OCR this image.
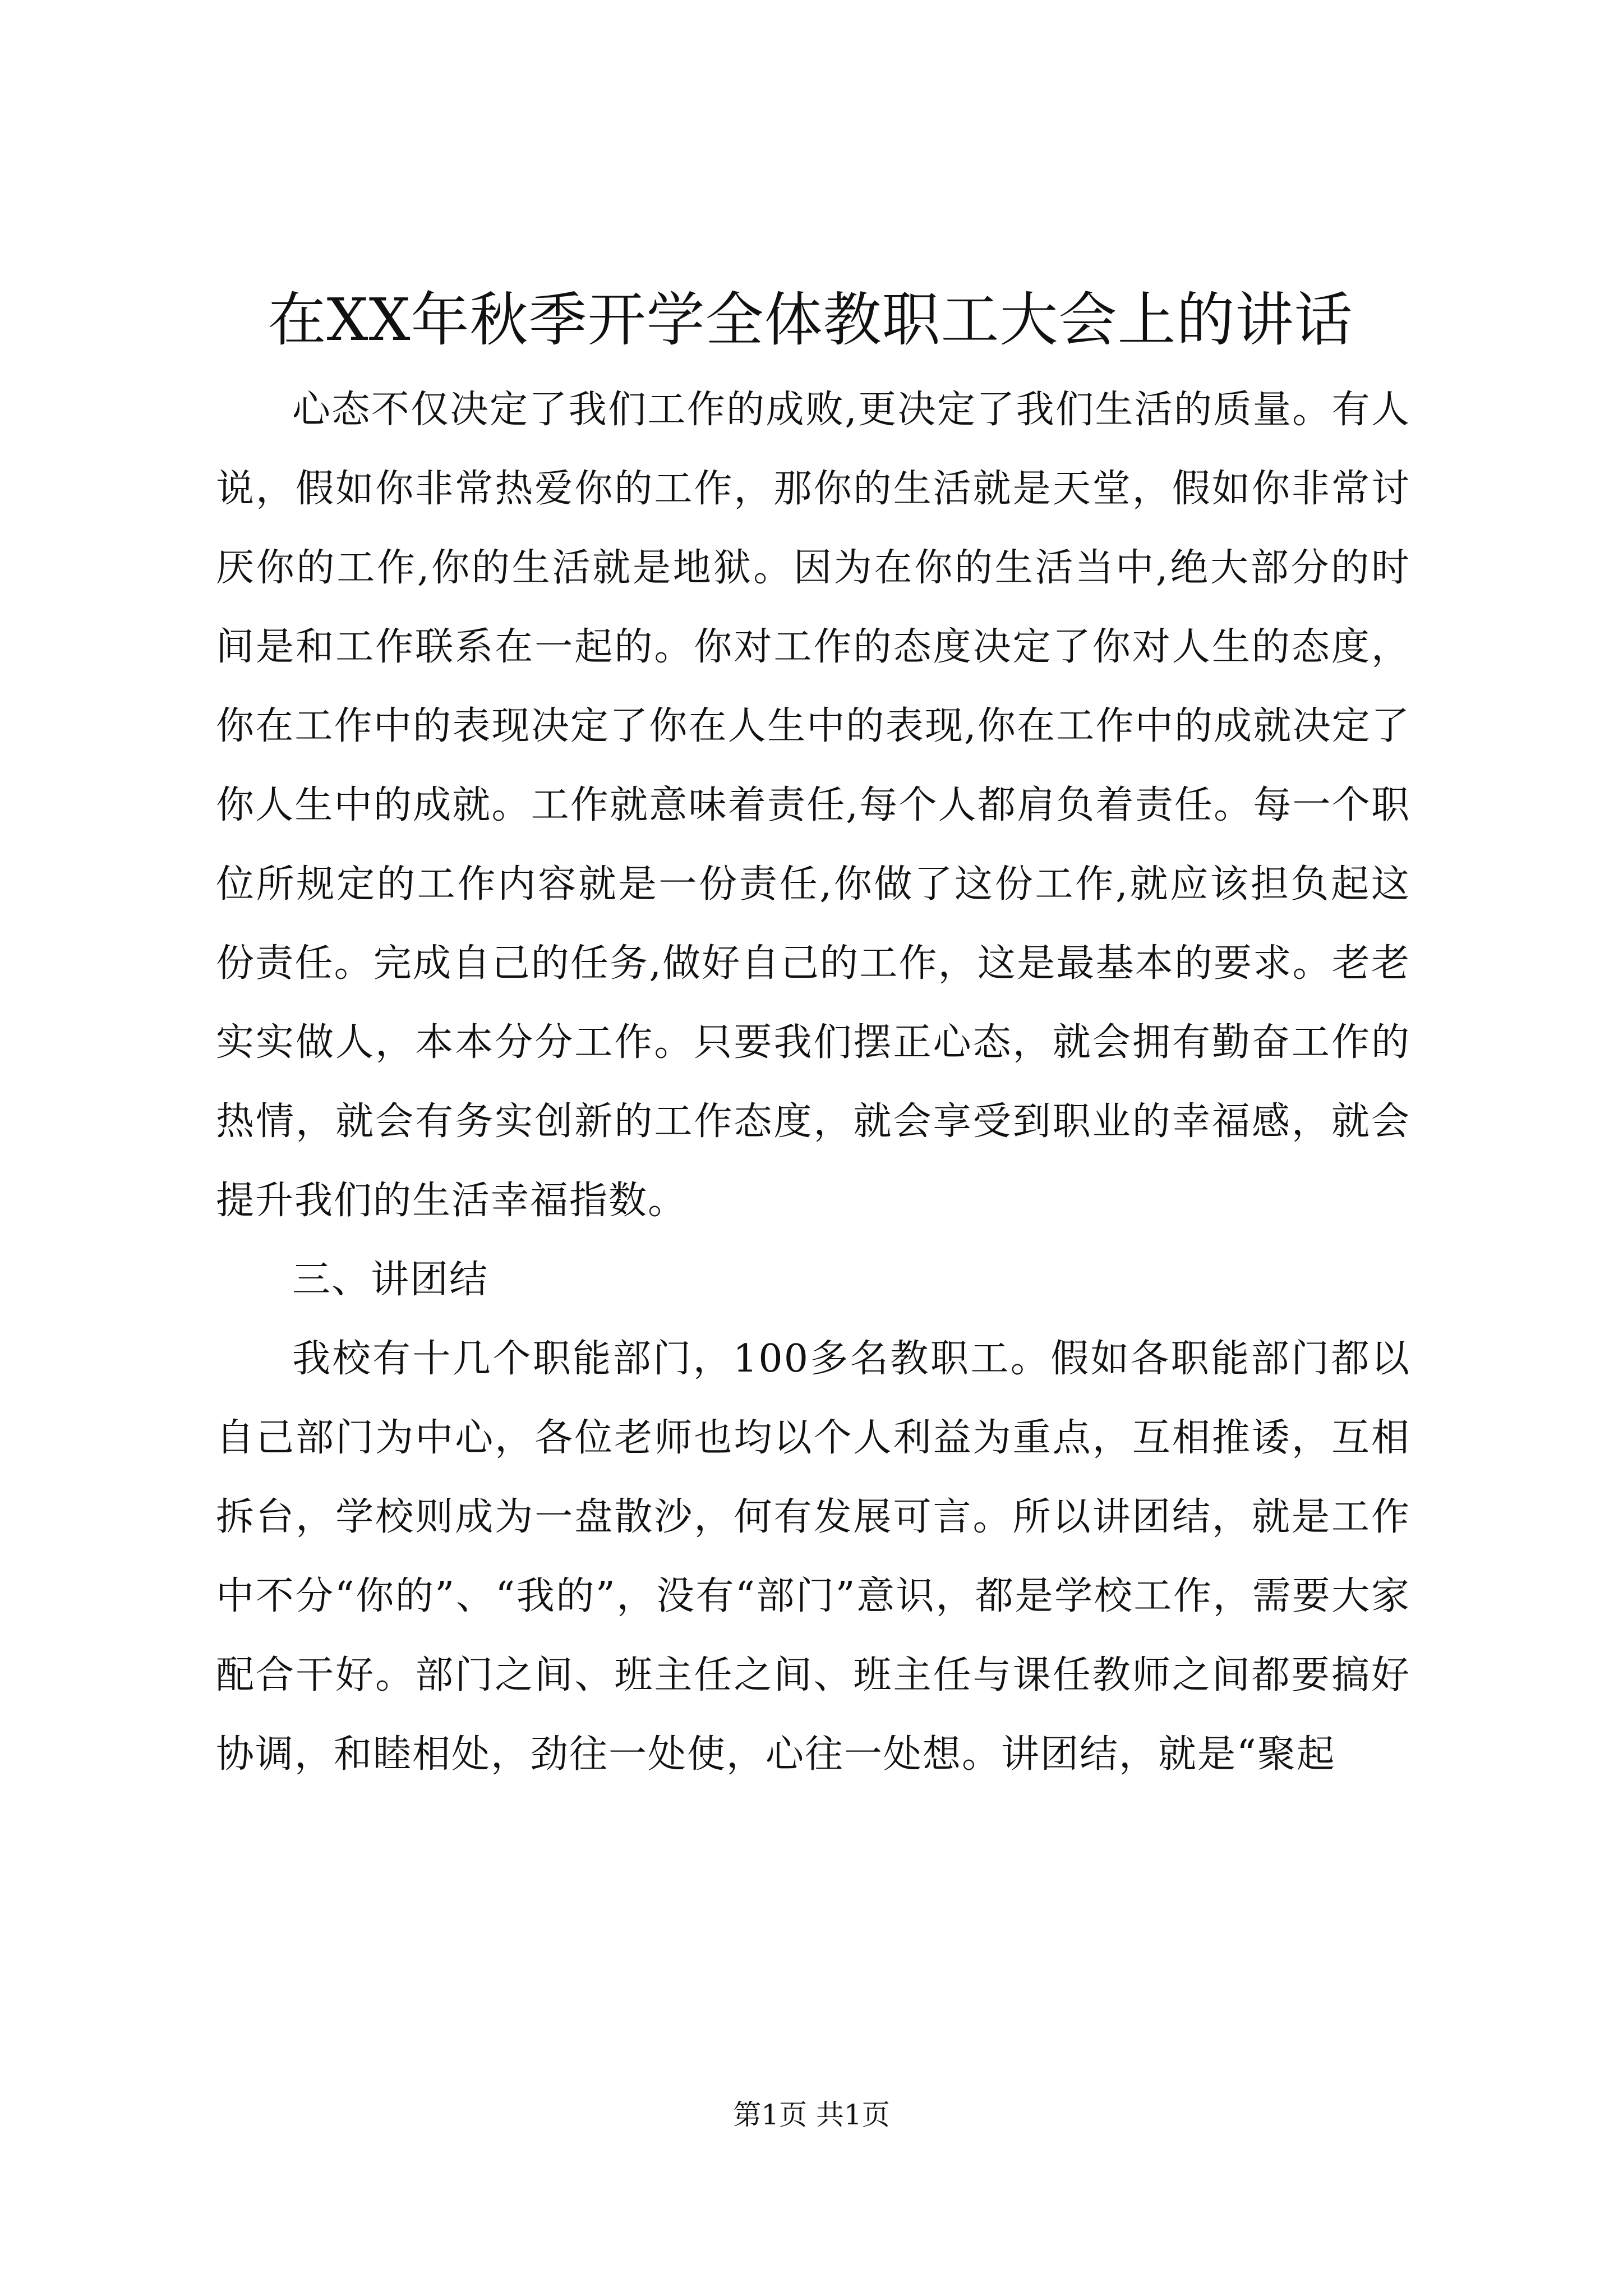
在XX年秋季开学全体教职工大会上的讲话

心态不仅决定了我们工作的成败,更决定了我们生活的质量。有人说，假如你非常热爱你的工作，那你的生活就是天堂，假如你非常讨厌你的工作,你的生活就是地狱。因为在你的生活当中,绝大部分的时间是和工作联系在一起的。你对工作的态度决定了你对人生的态度，你在工作中的表现决定了你在人生中的表现,你在工作中的成就决定了你人生中的成就。工作就意味着责任,每个人都肩负着责任。每一个职位所规定的工作内容就是一份责任,你做了这份工作,就应该担负起这份责任。完成自己的任务,做好自己的工作，这是最基本的要求。老老实实做人，本本分分工作。只要我们摆正心态，就会拥有勤奋工作的热情，就会有务实创新的工作态度，就会享受到职业的幸福感，就会提升我们的生活幸福指数。

三、讲团结

我校有十几个职能部门，100多名教职工。假如各职能部门都以自己部门为中心，各位老师也均以个人利益为重点，互相推诿，互相拆台，学校则成为一盘散沙，何有发展可言。所以讲团结，就是工作中不分“你的”、“我的”，没有“部门”意识，都是学校工作，需要大家配合干好。部门之间、班主任之间、班主任与课任教师之间都要搞好协调，和睦相处，劲往一处使，心往一处想。讲团结，就是“聚起

第1页 共1页
